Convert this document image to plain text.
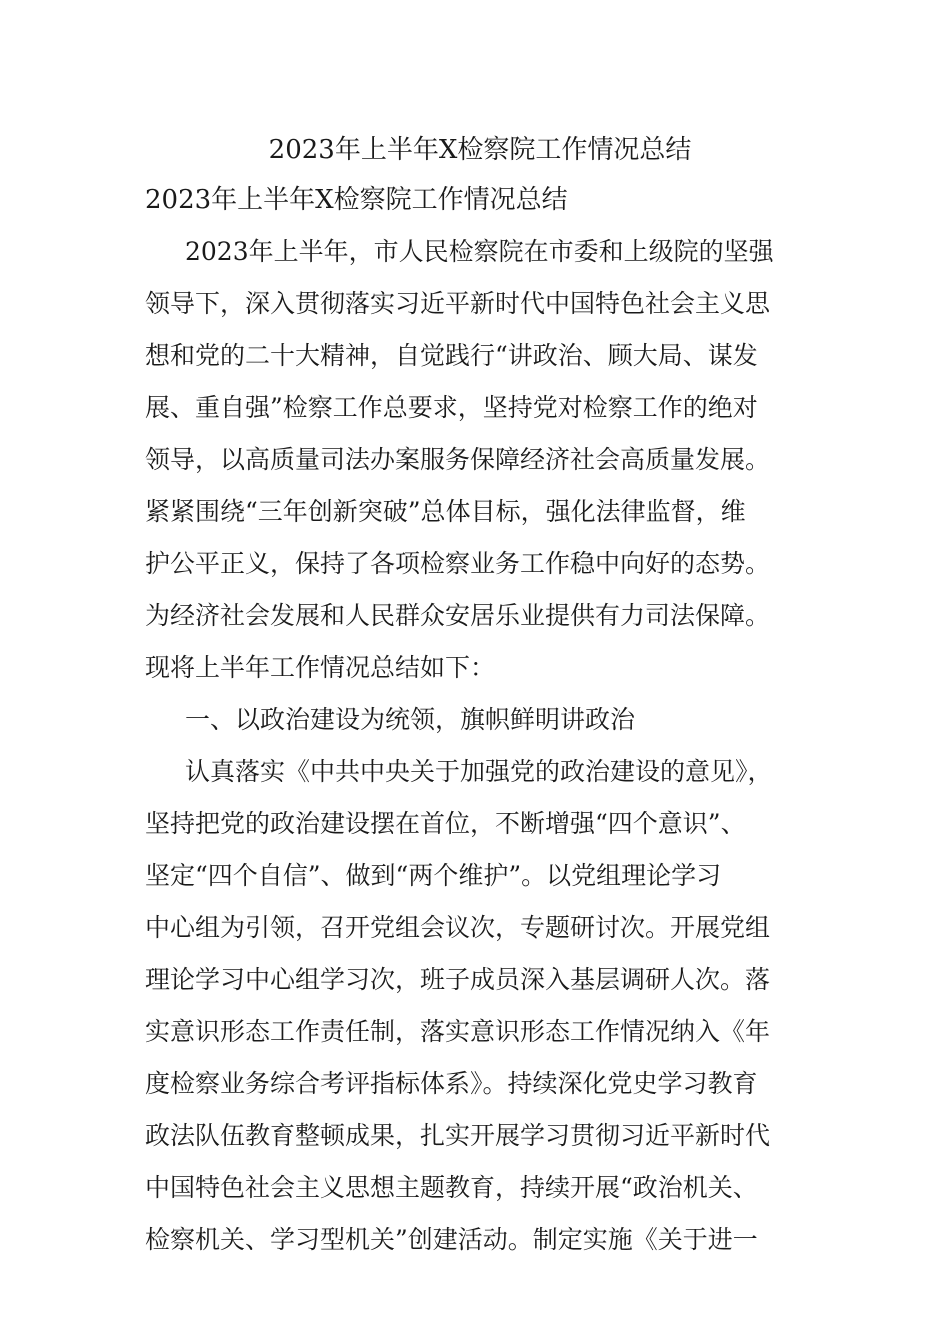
2023年上半年X检察院工作情况总结
2023年上半年X检察院工作情况总结
2023年上半年，市人民检察院在市委和上级院的坚强
领导下，深入贯彻落实习近平新时代中国特色社会主义思
想和党的二十大精神，自觉践行“讲政治、顾大局、谋发
展、重自强”检察工作总要求，坚持党对检察工作的绝对
领导，以高质量司法办案服务保障经济社会高质量发展。
紧紧围绕“三年创新突破”总体目标，强化法律监督，维
护公平正义，保持了各项检察业务工作稳中向好的态势。
为经济社会发展和人民群众安居乐业提供有力司法保障。
现将上半年工作情况总结如下：
一、以政治建设为统领，旗帜鲜明讲政治
认真落实《中共中央关于加强党的政治建设的意见》，
坚持把党的政治建设摆在首位，不断增强“四个意识”、
坚定“四个自信”、做到“两个维护”。以党组理论学习
中心组为引领，召开党组会议次，专题研讨次。开展党组
理论学习中心组学习次，班子成员深入基层调研人次。落
实意识形态工作责任制，落实意识形态工作情况纳入《年
度检察业务综合考评指标体系》。持续深化党史学习教育
政法队伍教育整顿成果，扎实开展学习贯彻习近平新时代
中国特色社会主义思想主题教育，持续开展“政治机关、
检察机关、学习型机关”创建活动。制定实施《关于进一
